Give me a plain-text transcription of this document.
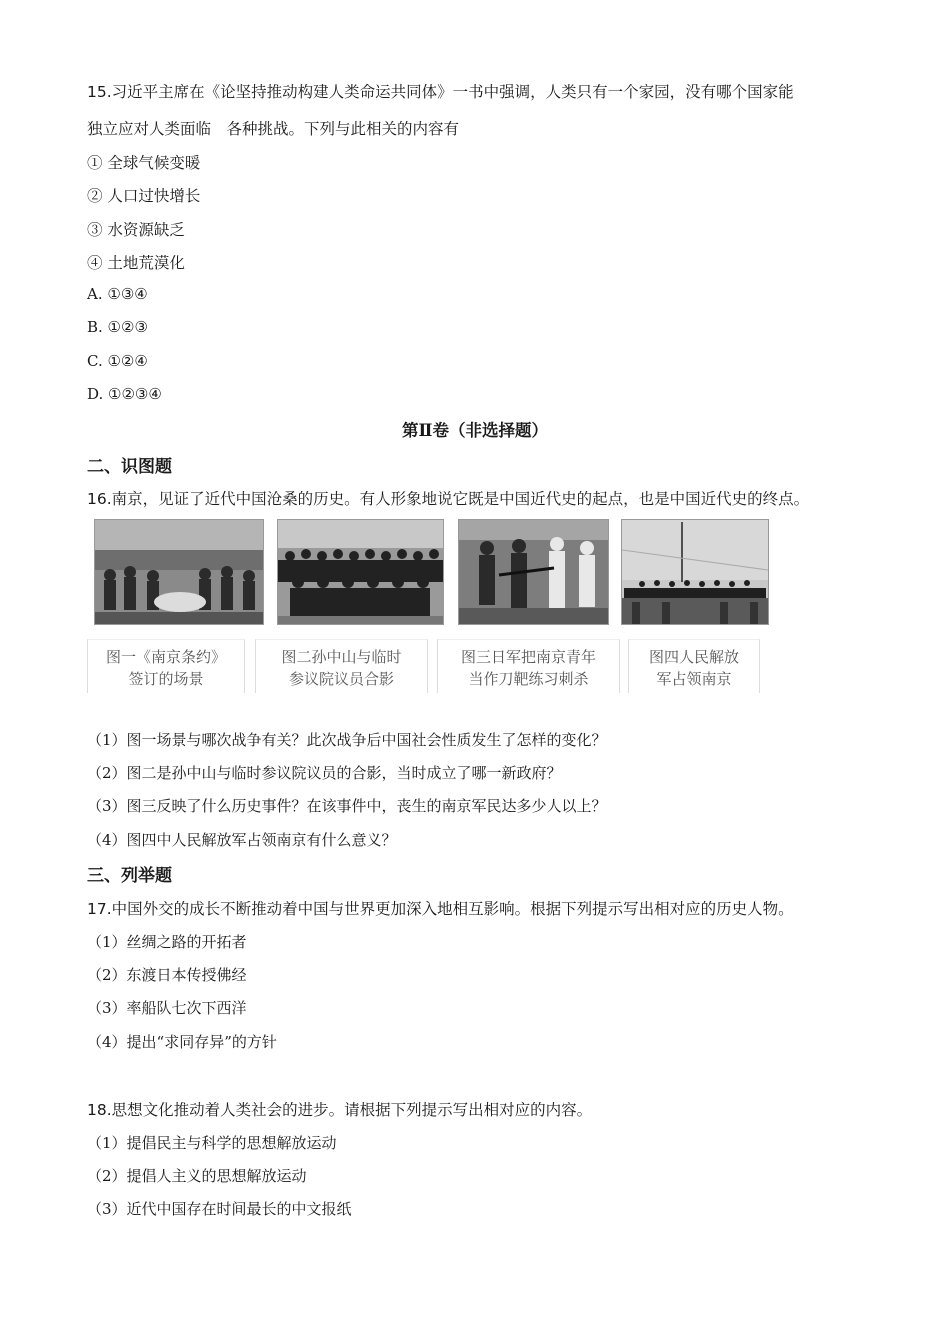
15.习近平主席在《论坚持推动构建人类命运共同体》一书中强调，人类只有一个家园，没有哪个国家能
独立应对人类面临　各种挑战。下列与此相关的内容有
① 全球气候变暖
② 人口过快增长
③ 水资源缺乏
④ 土地荒漠化
A. ①③④
B. ①②③
C. ①②④
D. ①②③④
第Ⅱ卷（非选择题）
二、识图题
16.南京，见证了近代中国沧桑的历史。有人形象地说它既是中国近代史的起点，也是中国近代史的终点。
图一《南京条约》
签订的场景
图二孙中山与临时
参议院议员合影
图三日军把南京青年
当作刀靶练习刺杀
图四人民解放
军占领南京
（1）图一场景与哪次战争有关？此次战争后中国社会性质发生了怎样的变化？
（2）图二是孙中山与临时参议院议员的合影，当时成立了哪一新政府？
（3）图三反映了什么历史事件？在该事件中，丧生的南京军民达多少人以上？
（4）图四中人民解放军占领南京有什么意义？
三、列举题
17.中国外交的成长不断推动着中国与世界更加深入地相互影响。根据下列提示写出相对应的历史人物。
（1）丝绸之路的开拓者
（2）东渡日本传授佛经
（3）率船队七次下西洋
（4）提出“求同存异”的方针
18.思想文化推动着人类社会的进步。请根据下列提示写出相对应的内容。
（1）提倡民主与科学的思想解放运动
（2）提倡人主义的思想解放运动
（3）近代中国存在时间最长的中文报纸
